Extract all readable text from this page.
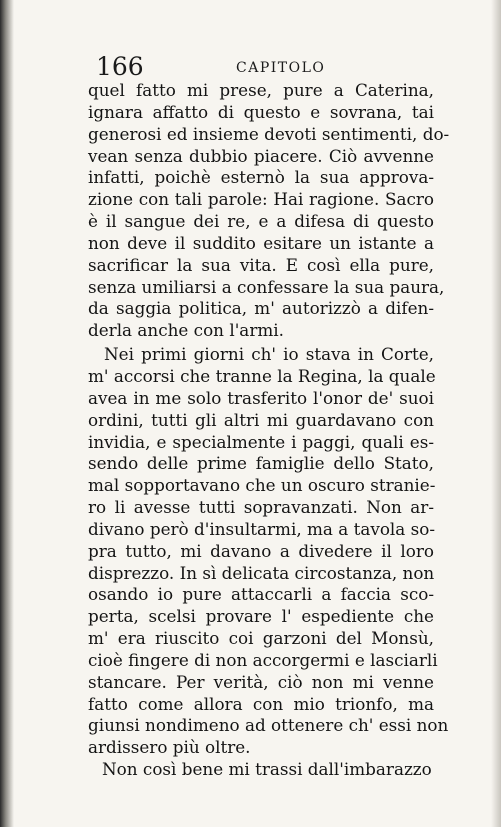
166	CAPITOLO
quel fatto mi prese, pure a Caterina,
ignara affatto di questo e sovrana, tai
generosi ed insieme devoti sentimenti, do-
vean senza dubbio piacere. Ciò avvenne
infatti, poichè esternò la sua approva-
zione con tali parole: Hai ragione. Sacro
è il sangue dei re, e a difesa di questo
non deve il suddito esitare un istante a
sacrificar la sua vita. E così ella pure,
senza umiliarsi a confessare la sua paura,
da saggia politica, m' autorizzò a difen-
derla anche con l'armi.
Nei primi giorni ch' io stava in Corte,
m' accorsi che tranne la Regina, la quale
avea in me solo trasferito l'onor de' suoi
ordini, tutti gli altri mi guardavano con
invidia, e specialmente i paggi, quali es-
sendo delle prime famiglie dello Stato,
mal sopportavano che un oscuro stranie-
ro li avesse tutti sopravanzati. Non ar-
divano però d'insultarmi, ma a tavola so-
pra tutto, mi davano a divedere il loro
disprezzo. In sì delicata circostanza, non
osando io pure attaccarli a faccia sco-
perta, scelsi provare l' espediente che
m' era riuscito coi garzoni del Monsù,
cioè fingere di non accorgermi e lasciarli
stancare. Per verità, ciò non mi venne
fatto come allora con mio trionfo, ma
giunsi nondimeno ad ottenere ch' essi non
ardissero più oltre.
Non così bene mi trassi dall'imbarazzo
